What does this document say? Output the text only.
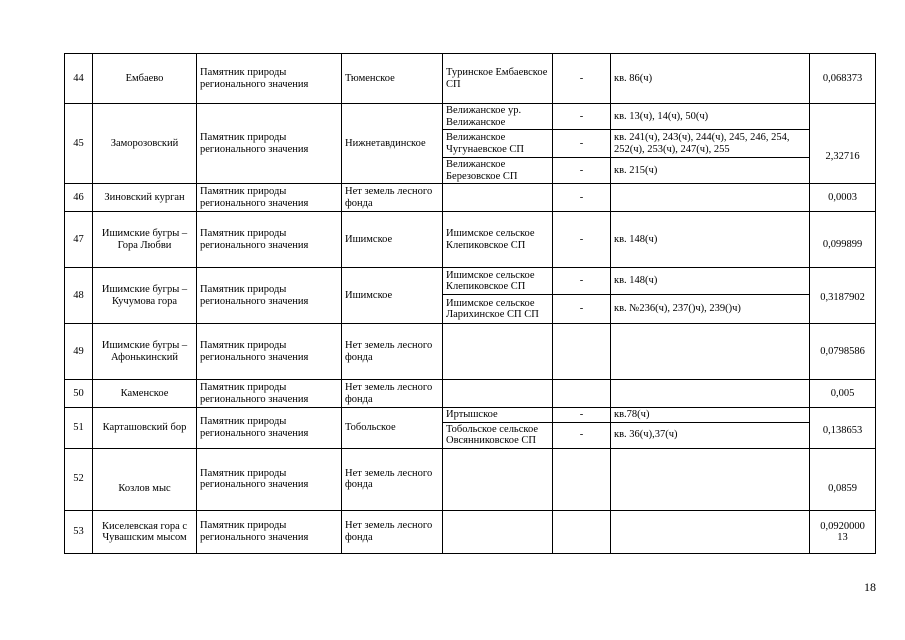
44	Ембаево	Памятник природы регионального значения	Тюменское	Туринское Ембаевское СП	-	кв. 86(ч)	0,068373
45	Заморозовский	Памятник природы регионального значения	Нижнетавдинское	Велижанское ур. Велижанское	-	кв. 13(ч), 14(ч), 50(ч)	2,32716
				Велижанское Чугунаевское СП	-	кв. 241(ч), 243(ч), 244(ч), 245, 246, 254, 252(ч), 253(ч), 247(ч), 255	
				Велижанское Березовское СП	-	кв. 215(ч)	
46	Зиновский курган	Памятник природы регионального значения	Нет земель лесного фонда		-		0,0003
47	Ишимские бугры – Гора Любви	Памятник природы регионального значения	Ишимское	Ишимское сельское Клепиковское СП	-	кв. 148(ч)	0,099899
48	Ишимские бугры – Кучумова гора	Памятник природы регионального значения	Ишимское	Ишимское сельское Клепиковское СП	-	кв. 148(ч)	0,3187902
				Ишимское сельское Ларихинское СП СП	-	кв. №236(ч), 237()ч), 239()ч)	
49	Ишимские бугры – Афонькинский	Памятник природы регионального значения	Нет земель лесного фонда				0,0798586
50	Каменское	Памятник природы регионального значения	Нет земель лесного фонда				0,005
51	Карташовский бор	Памятник природы регионального значения	Тобольское	Иртышское	-	кв.78(ч)	0,138653
				Тобольское сельское Овсянниковское СП	-	кв. 36(ч),37(ч)	
52	Козлов мыс	Памятник природы регионального значения	Нет земель лесного фонда				0,0859
53	Киселевская гора с Чувашским мысом	Памятник природы регионального значения	Нет земель лесного фонда				0,092000013
18
